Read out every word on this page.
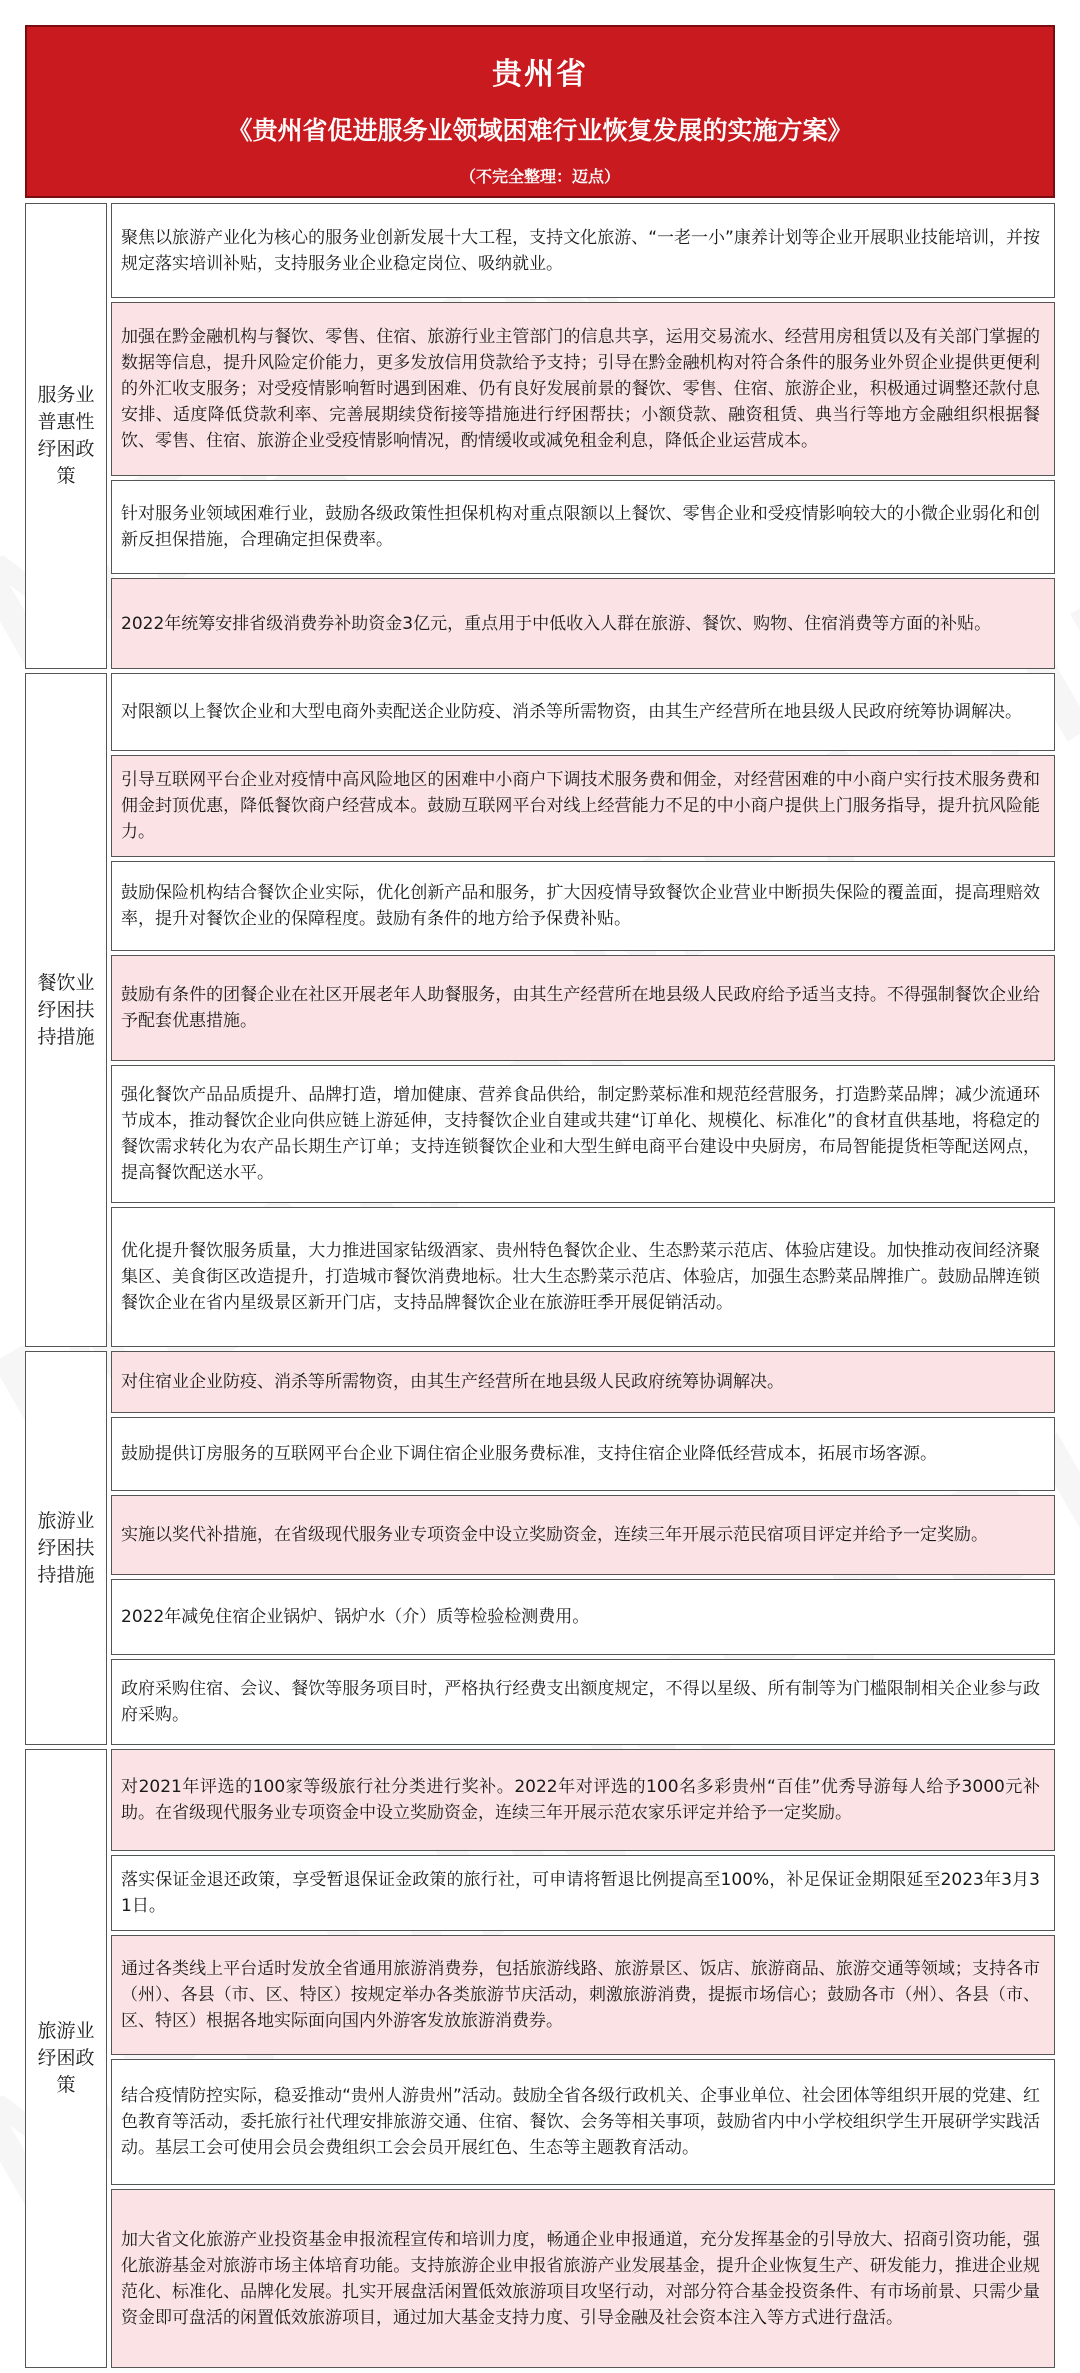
贵州省
《贵州省促进服务业领域困难行业恢复发展的实施方案》
（不完全整理：迈点）
服务业普惠性纾困政策

聚焦以旅游产业化为核心的服务业创新发展十大工程，支持文化旅游、“一老一小”康养计划等企业开展职业技能培训，并按规定落实培训补贴，支持服务业企业稳定岗位、吸纳就业。

加强在黔金融机构与餐饮、零售、住宿、旅游行业主管部门的信息共享，运用交易流水、经营用房租赁以及有关部门掌握的数据等信息，提升风险定价能力，更多发放信用贷款给予支持；引导在黔金融机构对符合条件的服务业外贸企业提供更便利的外汇收支服务；对受疫情影响暂时遇到困难、仍有良好发展前景的餐饮、零售、住宿、旅游企业，积极通过调整还款付息安排、适度降低贷款利率、完善展期续贷衔接等措施进行纾困帮扶；小额贷款、融资租赁、典当行等地方金融组织根据餐饮、零售、住宿、旅游企业受疫情影响情况，酌情缓收或减免租金利息，降低企业运营成本。

针对服务业领域困难行业，鼓励各级政策性担保机构对重点限额以上餐饮、零售企业和受疫情影响较大的小微企业弱化和创新反担保措施，合理确定担保费率。

2022年统筹安排省级消费券补助资金3亿元，重点用于中低收入人群在旅游、餐饮、购物、住宿消费等方面的补贴。

餐饮业纾困扶持措施

对限额以上餐饮企业和大型电商外卖配送企业防疫、消杀等所需物资，由其生产经营所在地县级人民政府统筹协调解决。

引导互联网平台企业对疫情中高风险地区的困难中小商户下调技术服务费和佣金，对经营困难的中小商户实行技术服务费和佣金封顶优惠，降低餐饮商户经营成本。鼓励互联网平台对线上经营能力不足的中小商户提供上门服务指导，提升抗风险能力。

鼓励保险机构结合餐饮企业实际，优化创新产品和服务，扩大因疫情导致餐饮企业营业中断损失保险的覆盖面，提高理赔效率，提升对餐饮企业的保障程度。鼓励有条件的地方给予保费补贴。

鼓励有条件的团餐企业在社区开展老年人助餐服务，由其生产经营所在地县级人民政府给予适当支持。不得强制餐饮企业给予配套优惠措施。

强化餐饮产品品质提升、品牌打造，增加健康、营养食品供给，制定黔菜标准和规范经营服务，打造黔菜品牌；减少流通环节成本，推动餐饮企业向供应链上游延伸，支持餐饮企业自建或共建“订单化、规模化、标准化”的食材直供基地，将稳定的餐饮需求转化为农产品长期生产订单；支持连锁餐饮企业和大型生鲜电商平台建设中央厨房，布局智能提货柜等配送网点，提高餐饮配送水平。

优化提升餐饮服务质量，大力推进国家钻级酒家、贵州特色餐饮企业、生态黔菜示范店、体验店建设。加快推动夜间经济聚集区、美食街区改造提升，打造城市餐饮消费地标。壮大生态黔菜示范店、体验店，加强生态黔菜品牌推广。鼓励品牌连锁餐饮企业在省内星级景区新开门店，支持品牌餐饮企业在旅游旺季开展促销活动。

旅游业纾困扶持措施

对住宿业企业防疫、消杀等所需物资，由其生产经营所在地县级人民政府统筹协调解决。

鼓励提供订房服务的互联网平台企业下调住宿企业服务费标准，支持住宿企业降低经营成本，拓展市场客源。

实施以奖代补措施，在省级现代服务业专项资金中设立奖励资金，连续三年开展示范民宿项目评定并给予一定奖励。

2022年减免住宿企业锅炉、锅炉水（介）质等检验检测费用。

政府采购住宿、会议、餐饮等服务项目时，严格执行经费支出额度规定，不得以星级、所有制等为门槛限制相关企业参与政府采购。

旅游业纾困政策

对2021年评选的100家等级旅行社分类进行奖补。2022年对评选的100名多彩贵州“百佳”优秀导游每人给予3000元补助。在省级现代服务业专项资金中设立奖励资金，连续三年开展示范农家乐评定并给予一定奖励。

落实保证金退还政策，享受暂退保证金政策的旅行社，可申请将暂退比例提高至100%，补足保证金期限延至2023年3月31日。

通过各类线上平台适时发放全省通用旅游消费券，包括旅游线路、旅游景区、饭店、旅游商品、旅游交通等领域；支持各市（州）、各县（市、区、特区）按规定举办各类旅游节庆活动，刺激旅游消费，提振市场信心；鼓励各市（州）、各县（市、区、特区）根据各地实际面向国内外游客发放旅游消费券。

结合疫情防控实际，稳妥推动“贵州人游贵州”活动。鼓励全省各级行政机关、企事业单位、社会团体等组织开展的党建、红色教育等活动，委托旅行社代理安排旅游交通、住宿、餐饮、会务等相关事项，鼓励省内中小学校组织学生开展研学实践活动。基层工会可使用会员会费组织工会会员开展红色、生态等主题教育活动。

加大省文化旅游产业投资基金申报流程宣传和培训力度，畅通企业申报通道，充分发挥基金的引导放大、招商引资功能，强化旅游基金对旅游市场主体培育功能。支持旅游企业申报省旅游产业发展基金，提升企业恢复生产、研发能力，推进企业规范化、标准化、品牌化发展。扎实开展盘活闲置低效旅游项目攻坚行动，对部分符合基金投资条件、有市场前景、只需少量资金即可盘活的闲置低效旅游项目，通过加大基金支持力度、引导金融及社会资本注入等方式进行盘活。
